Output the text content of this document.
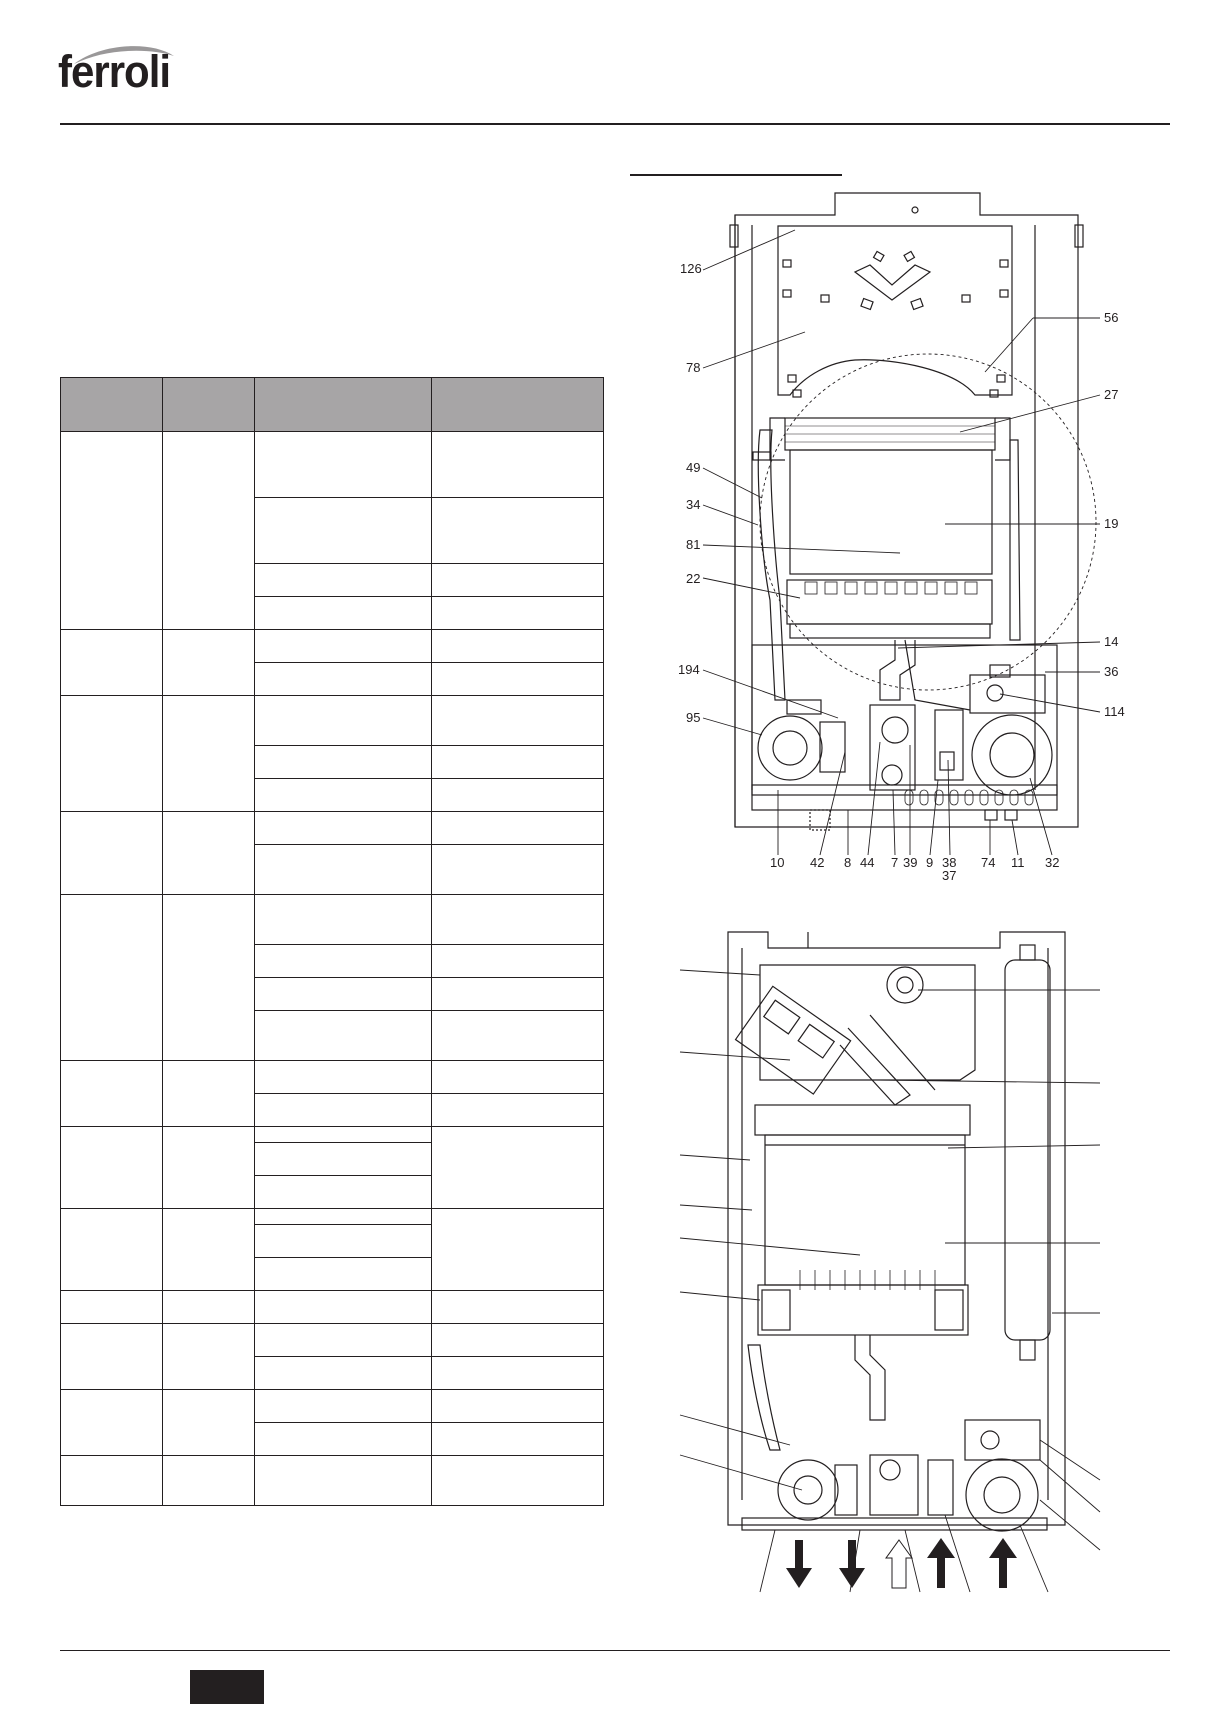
ferroli

126
78
49
34
81
22
194
95
56
27
19
14
36
114
10 42 8 44 7 39 9 38
37
74 11 32
